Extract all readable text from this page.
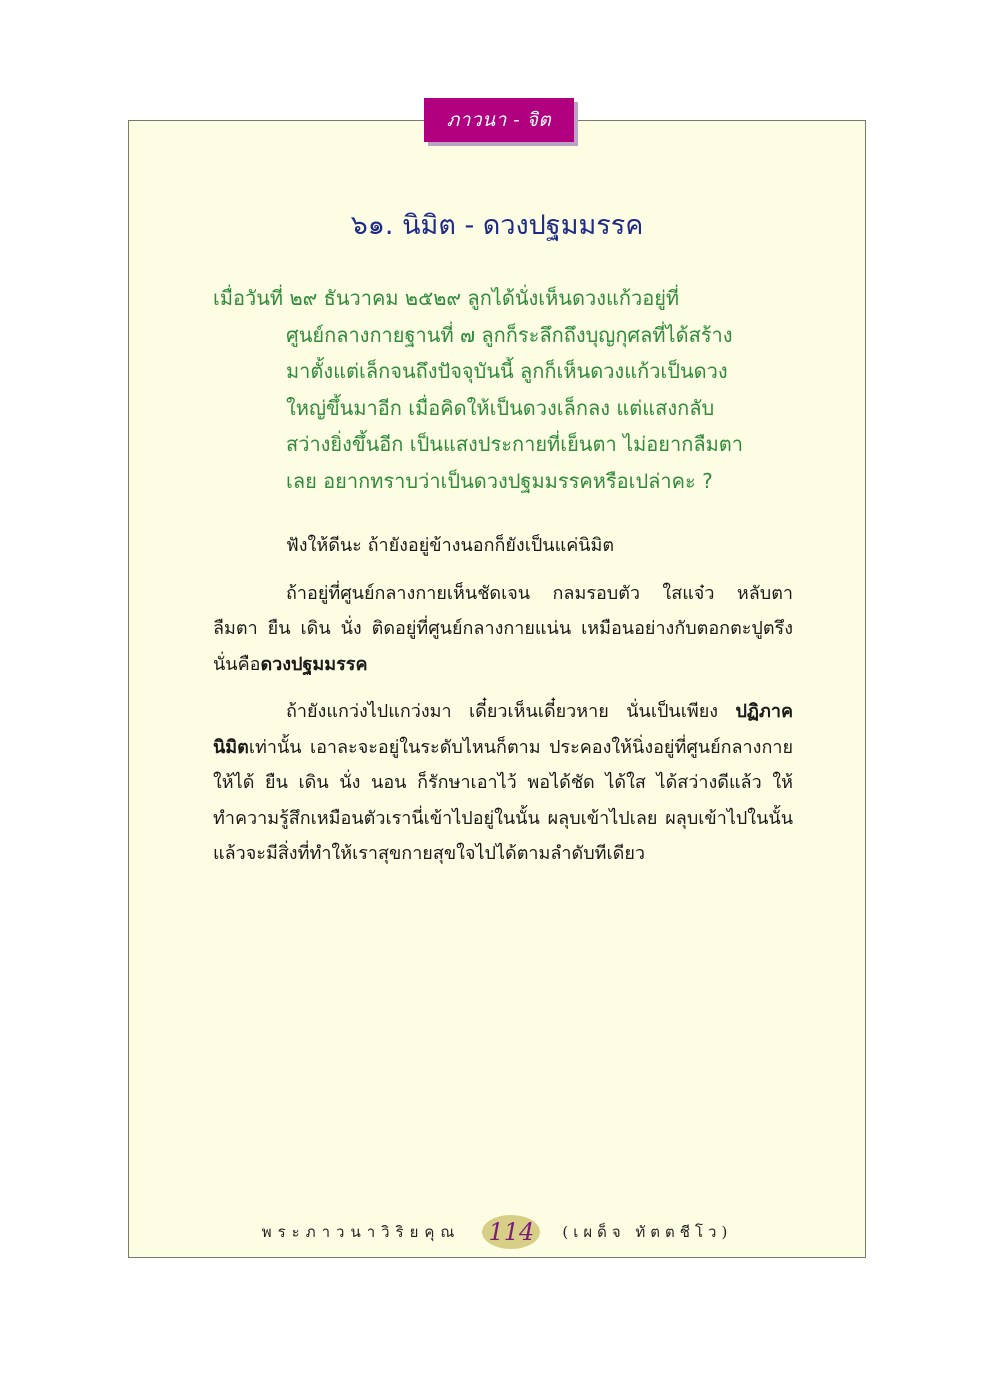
ภาวนา - จิต
๖๑. นิมิต - ดวงปฐมมรรค
เมื่อวันที่ ๒๙ ธันวาคม ๒๕๒๙ ลูกได้นั่งเห็นดวงแก้วอยู่ที่
ศูนย์กลางกายฐานที่ ๗ ลูกก็ระลึกถึงบุญกุศลที่ได้สร้าง
มาตั้งแต่เล็กจนถึงปัจจุบันนี้ ลูกก็เห็นดวงแก้วเป็นดวง
ใหญ่ขึ้นมาอีก เมื่อคิดให้เป็นดวงเล็กลง แต่แสงกลับ
สว่างยิ่งขึ้นอีก เป็นแสงประกายที่เย็นตา ไม่อยากลืมตา
เลย อยากทราบว่าเป็นดวงปฐมมรรคหรือเปล่าคะ ?

ฟังให้ดีนะ ถ้ายังอยู่ข้างนอกก็ยังเป็นแค่นิมิต

ถ้าอยู่ที่ศูนย์กลางกายเห็นชัดเจน กลมรอบตัว ใสแจ๋ว หลับตา ลืมตา ยืน เดิน นั่ง ติดอยู่ที่ศูนย์กลางกายแน่น เหมือนอย่างกับตอกตะปูตรึง นั่นคือดวงปฐมมรรค

ถ้ายังแกว่งไปแกว่งมา เดี๋ยวเห็นเดี๋ยวหาย นั่นเป็นเพียง ปฏิภาคนิมิตเท่านั้น เอาละจะอยู่ในระดับไหนก็ตาม ประคองให้นิ่งอยู่ที่ศูนย์กลางกายให้ได้ ยืน เดิน นั่ง นอน ก็รักษาเอาไว้ พอได้ชัด ได้ใส ได้สว่างดีแล้ว ให้ทำความรู้สึกเหมือนตัวเรานี่เข้าไปอยู่ในนั้น ผลุบเข้าไปเลย ผลุบเข้าไปในนั้น แล้วจะมีสิ่งที่ทำให้เราสุขกายสุขใจไปได้ตามลำดับทีเดียว

พระภาวนาวิริยคุณ 114 (เผด็จ ทัตตชีโว)
